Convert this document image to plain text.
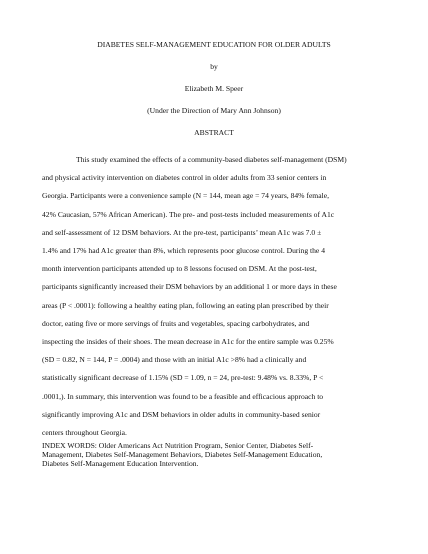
DIABETES SELF-MANAGEMENT EDUCATION FOR OLDER ADULTS
by
Elizabeth M. Speer
(Under the Direction of Mary Ann Johnson)
ABSTRACT
This study examined the effects of a community-based diabetes self-management (DSM)
and physical activity intervention on diabetes control in older adults from 33 senior centers in
Georgia. Participants were a convenience sample (N = 144, mean age = 74 years, 84% female,
42% Caucasian, 57% African American). The pre- and post-tests included measurements of A1c
and self-assessment of 12 DSM behaviors. At the pre-test, participants’ mean A1c was 7.0 ±
1.4% and 17% had A1c greater than 8%, which represents poor glucose control. During the 4
month intervention participants attended up to 8 lessons focused on DSM. At the post-test,
participants significantly increased their DSM behaviors by an additional 1 or more days in these
areas (P < .0001): following a healthy eating plan, following an eating plan prescribed by their
doctor, eating five or more servings of fruits and vegetables, spacing carbohydrates, and
inspecting the insides of their shoes. The mean decrease in A1c for the entire sample was 0.25%
(SD = 0.82, N = 144, P = .0004) and those with an initial A1c >8% had a clinically and
statistically significant decrease of 1.15% (SD = 1.09, n = 24, pre-test: 9.48% vs. 8.33%, P <
.0001,). In summary, this intervention was found to be a feasible and efficacious approach to
significantly improving A1c and DSM behaviors in older adults in community-based senior
centers throughout Georgia.
INDEX WORDS: Older Americans Act Nutrition Program, Senior Center, Diabetes Self-
Management, Diabetes Self-Management Behaviors, Diabetes Self-Management Education,
Diabetes Self-Management Education Intervention.
